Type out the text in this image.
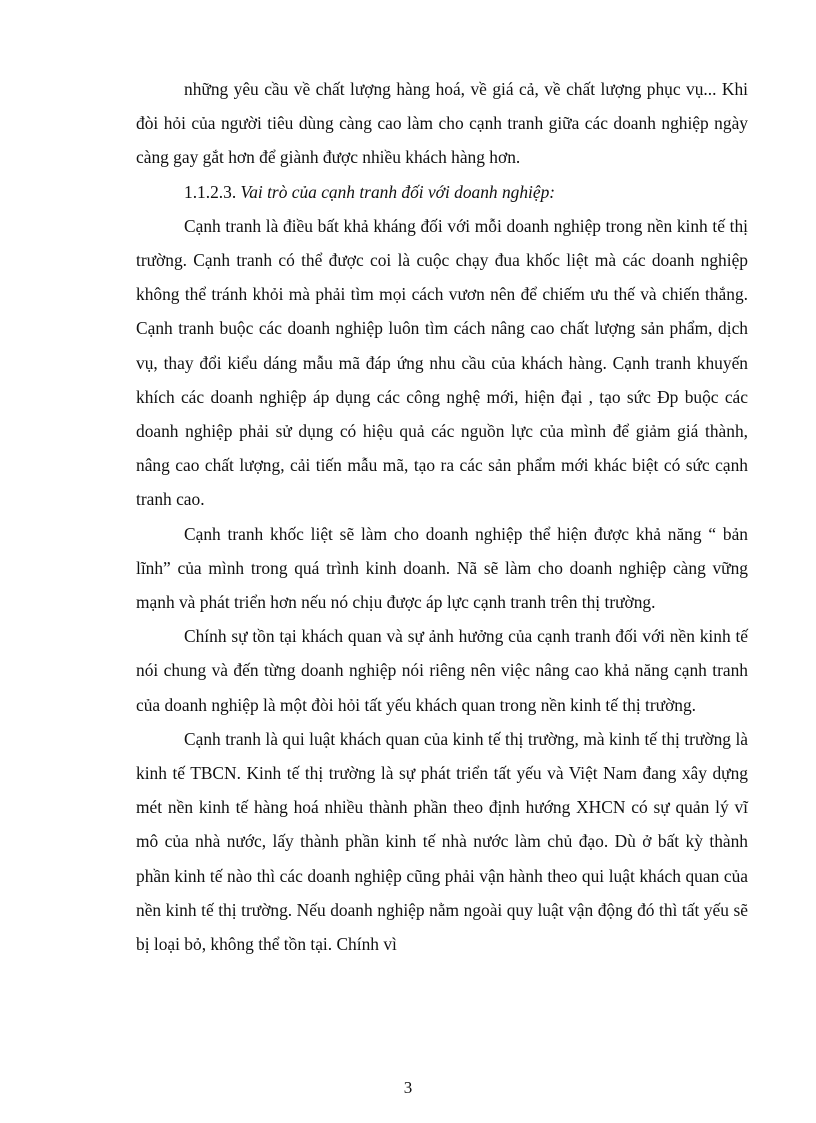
những yêu cầu về chất lượng hàng hoá, về giá cả, về chất lượng phục vụ... Khi đòi hỏi của người tiêu dùng càng cao làm cho cạnh tranh giữa các doanh nghiệp ngày càng gay gắt hơn để giành được nhiều khách hàng hơn.

1.1.2.3. Vai trò của cạnh tranh đối với doanh nghiệp:

Cạnh tranh là điều bất khả kháng đối với mỗi doanh nghiệp trong nền kinh tế thị trường. Cạnh tranh có thể được coi là cuộc chạy đua khốc liệt mà các doanh nghiệp không thể tránh khỏi mà phải tìm mọi cách vươn nên để chiếm ưu thế và chiến thắng. Cạnh tranh buộc các doanh nghiệp luôn tìm cách nâng cao chất lượng sản phẩm, dịch vụ, thay đổi kiểu dáng mẫu mã đáp ứng nhu cầu của khách hàng. Cạnh tranh khuyến khích các doanh nghiệp áp dụng các công nghệ mới, hiện đại , tạo sức Đp buộc các doanh nghiệp phải sử dụng có hiệu quả các nguồn lực của mình để giảm giá thành, nâng cao chất lượng, cải tiến mẫu mã, tạo ra các sản phẩm mới khác biệt có sức cạnh tranh cao.

Cạnh tranh khốc liệt sẽ làm cho doanh nghiệp thể hiện được khả năng “ bản lĩnh” của mình trong quá trình kinh doanh. Nã sẽ làm cho doanh nghiệp càng vững mạnh và phát triển hơn nếu nó chịu được áp lực cạnh tranh trên thị trường.

Chính sự tồn tại khách quan và sự ảnh hưởng của cạnh tranh đối với nền kinh tế nói chung và đến từng doanh nghiệp nói riêng nên việc nâng cao khả năng cạnh tranh của doanh nghiệp là một đòi hỏi tất yếu khách quan trong nền kinh tế thị trường.

Cạnh tranh là qui luật khách quan của kinh tế thị trường, mà kinh tế thị trường là kinh tế TBCN. Kinh tế thị trường là sự phát triển tất yếu và Việt Nam đang xây dựng mét nền kinh tế hàng hoá nhiều thành phần theo định hướng XHCN có sự quản lý vĩ mô của nhà nước, lấy thành phần kinh tế nhà nước làm chủ đạo. Dù ở bất kỳ thành phần kinh tế nào thì các doanh nghiệp cũng phải vận hành theo qui luật khách quan của nền kinh tế thị trường. Nếu doanh nghiệp nằm ngoài quy luật vận động đó thì tất yếu sẽ bị loại bỏ, không thể tồn tại. Chính vì

3
